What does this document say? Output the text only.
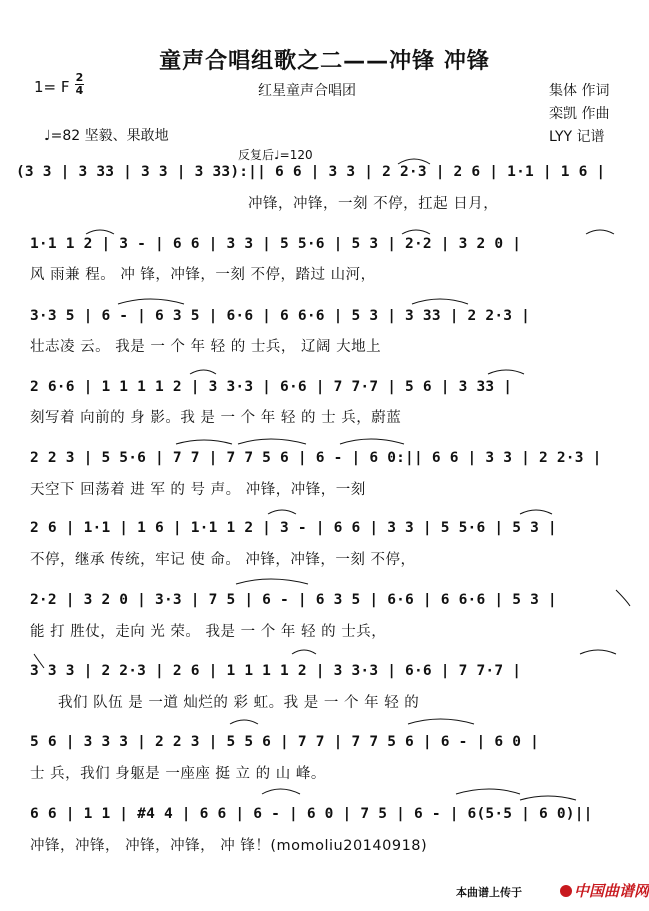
童声合唱组歌之二——冲锋 冲锋
1= F
2
4	红星童声合唱团	集体 作词
栾凯 作曲
♩=82 坚毅、果敢地	LYY 记谱
反复后♩=120
(3 3 | 3 33 | 3 3 | 3 33):|| 6 6 | 3 3 | 2 2·3 | 2 6 | 1·1 | 1 6 |
冲锋，冲锋，一刻 不停，扛起 日月，
1·1 1 2 | 3 - | 6 6 | 3 3 | 5 5·6 | 5 3 | 2·2 | 3 2 0 |
风 雨兼 程。 冲 锋，冲锋，一刻 不停，踏过 山河，
3·3 5 | 6 - | 6 3 5 | 6·6 | 6 6·6 | 5 3 | 3 33 | 2 2·3 |
壮志凌 云。 我是 一 个 年 轻 的 士兵， 辽阔 大地上
2 6·6 | 1 1 1 1 2 | 3 3·3 | 6·6 | 7 7·7 | 5 6 | 3 33 |
刻写着 向前的 身 影。我 是 一 个 年 轻 的 士 兵，蔚蓝
2 2 3 | 5 5·6 | 7 7 | 7 7 5 6 | 6 - | 6 0:|| 6 6 | 3 3 | 2 2·3 |
天空下 回荡着 进 军 的 号 声。 冲锋，冲锋，一刻
2 6 | 1·1 | 1 6 | 1·1 1 2 | 3 - | 6 6 | 3 3 | 5 5·6 | 5 3 |
不停，继承 传统，牢记 使 命。 冲锋，冲锋，一刻 不停，
2·2 | 3 2 0 | 3·3 | 7 5 | 6 - | 6 3 5 | 6·6 | 6 6·6 | 5 3 |
能 打 胜仗，走向 光 荣。 我是 一 个 年 轻 的 士兵，
3 3 3 | 2 2·3 | 2 6 | 1 1 1 1 2 | 3 3·3 | 6·6 | 7 7·7 |
我们 队伍 是 一道 灿烂的 彩 虹。我 是 一 个 年 轻 的
5 6 | 3 3 3 | 2 2 3 | 5 5 6 | 7 7 | 7 7 5 6 | 6 - | 6 0 |
士 兵，我们 身躯是 一座座 挺 立 的 山 峰。
6 6 | 1 1 | #4 4 | 6 6 | 6 - | 6 0 | 7 5 | 6 - | 6(5·5 | 6 0)||
冲锋，冲锋， 冲锋，冲锋， 冲 锋！(momoliu20140918)
本曲谱上传于	中国曲谱网
